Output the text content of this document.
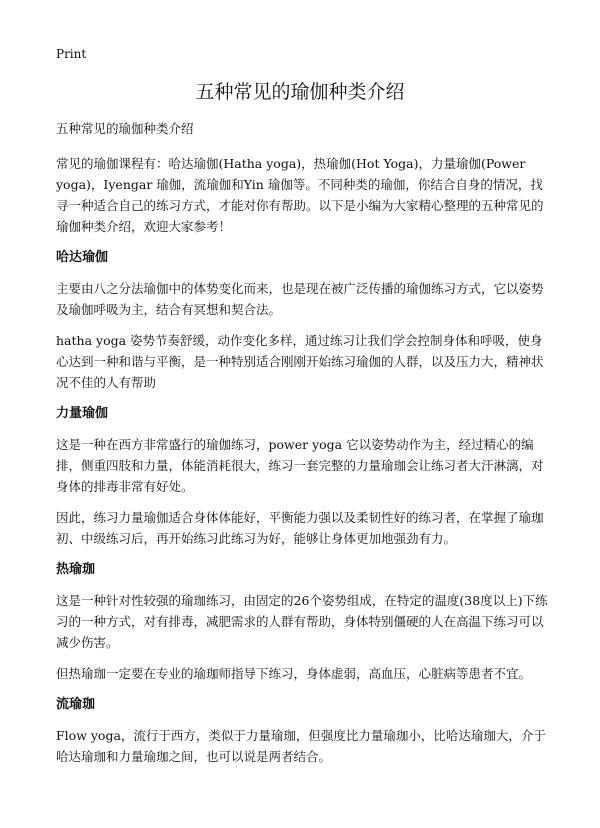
Print
五种常见的瑜伽种类介绍

五种常见的瑜伽种类介绍

常见的瑜伽课程有：哈达瑜伽(Hatha yoga)，热瑜伽(Hot Yoga)，力量瑜伽(Power yoga)，Iyengar 瑜伽，流瑜伽和Yin 瑜伽等。不同种类的瑜伽，你结合自身的情况，找寻一种适合自己的练习方式，才能对你有帮助。以下是小编为大家精心整理的五种常见的瑜伽种类介绍，欢迎大家参考！

哈达瑜伽

主要由八之分法瑜伽中的体势变化而来，也是现在被广泛传播的瑜伽练习方式，它以姿势及瑜伽呼吸为主，结合有冥想和契合法。

hatha yoga 姿势节奏舒缓，动作变化多样，通过练习让我们学会控制身体和呼吸，使身心达到一种和谐与平衡，是一种特别适合刚刚开始练习瑜伽的人群，以及压力大，精神状况不佳的人有帮助

力量瑜伽

这是一种在西方非常盛行的瑜伽练习，power yoga 它以姿势动作为主，经过精心的编排，侧重四肢和力量，体能消耗很大，练习一套完整的力量瑜珈会让练习者大汗淋漓，对身体的排毒非常有好处。

因此，练习力量瑜伽适合身体体能好，平衡能力强以及柔韧性好的练习者，在掌握了瑜珈初、中级练习后，再开始练习此练习为好，能够让身体更加地强劲有力。

热瑜珈

这是一种针对性较强的瑜珈练习，由固定的26个姿势组成，在特定的温度(38度以上)下练习的一种方式，对有排毒，减肥需求的人群有帮助，身体特别僵硬的人在高温下练习可以减少伤害。

但热瑜珈一定要在专业的瑜珈师指导下练习，身体虚弱，高血压，心脏病等患者不宜。

流瑜珈

Flow yoga，流行于西方，类似于力量瑜珈，但强度比力量瑜珈小，比哈达瑜珈大，介于哈达瑜珈和力量瑜珈之间，也可以说是两者结合。
